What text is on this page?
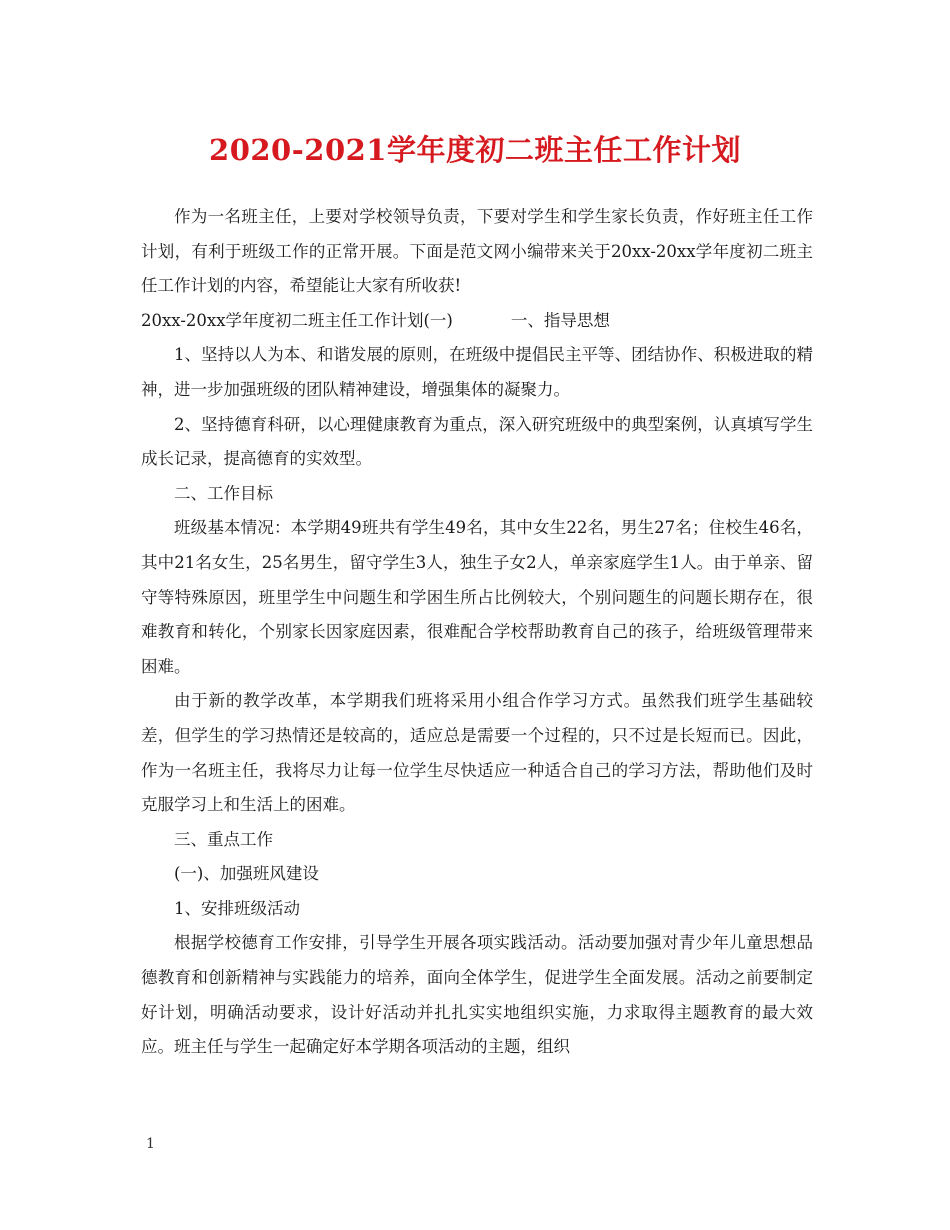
2020-2021学年度初二班主任工作计划

作为一名班主任，上要对学校领导负责，下要对学生和学生家长负责，作好班主任工作计划，有利于班级工作的正常开展。下面是范文网小编带来关于20xx-20xx学年度初二班主任工作计划的内容，希望能让大家有所收获!

20xx-20xx学年度初二班主任工作计划(一)	一、指导思想

1、坚持以人为本、和谐发展的原则，在班级中提倡民主平等、团结协作、积极进取的精神，进一步加强班级的团队精神建设，增强集体的凝聚力。

2、坚持德育科研，以心理健康教育为重点，深入研究班级中的典型案例，认真填写学生成长记录，提高德育的实效型。

二、工作目标

班级基本情况：本学期49班共有学生49名，其中女生22名，男生27名；住校生46名，其中21名女生，25名男生，留守学生3人，独生子女2人，单亲家庭学生1人。由于单亲、留守等特殊原因，班里学生中问题生和学困生所占比例较大，个别问题生的问题长期存在，很难教育和转化，个别家长因家庭因素，很难配合学校帮助教育自己的孩子，给班级管理带来困难。

由于新的教学改革，本学期我们班将采用小组合作学习方式。虽然我们班学生基础较差，但学生的学习热情还是较高的，适应总是需要一个过程的，只不过是长短而已。因此，作为一名班主任，我将尽力让每一位学生尽快适应一种适合自己的学习方法，帮助他们及时克服学习上和生活上的困难。

三、重点工作

(一)、加强班风建设

1、安排班级活动

根据学校德育工作安排，引导学生开展各项实践活动。活动要加强对青少年儿童思想品德教育和创新精神与实践能力的培养，面向全体学生，促进学生全面发展。活动之前要制定好计划，明确活动要求，设计好活动并扎扎实实地组织实施，力求取得主题教育的最大效应。班主任与学生一起确定好本学期各项活动的主题，组织

1
